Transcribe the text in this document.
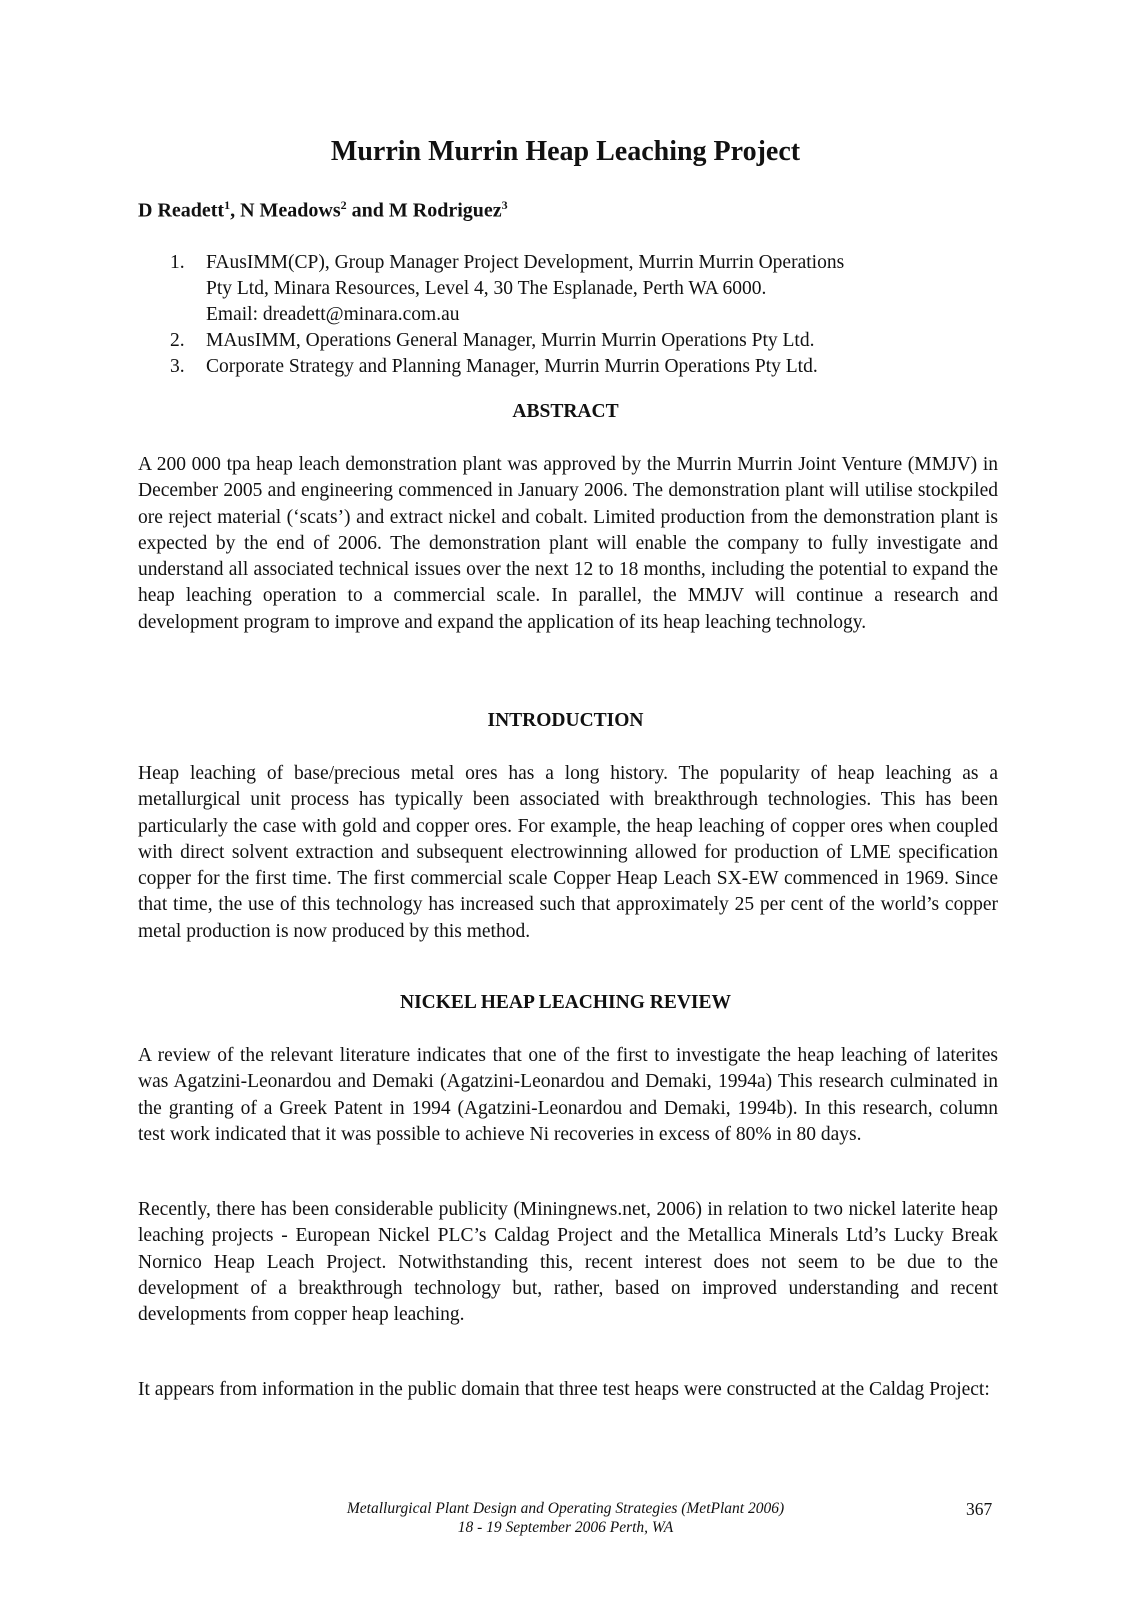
Murrin Murrin Heap Leaching Project

D Readett$^1$, N Meadows$^2$ and M Rodriguez$^3$

1. FAusIMM(CP), Group Manager Project Development, Murrin Murrin Operations
Pty Ltd, Minara Resources, Level 4, 30 The Esplanade, Perth WA 6000.
Email: dreadett@minara.com.au
2. MAusIMM, Operations General Manager, Murrin Murrin Operations Pty Ltd.
3. Corporate Strategy and Planning Manager, Murrin Murrin Operations Pty Ltd.
ABSTRACT

A 200 000 tpa heap leach demonstration plant was approved by the Murrin Murrin Joint Venture (MMJV) in December 2005 and engineering commenced in January 2006. The demonstration plant will utilise stockpiled ore reject material (‘scats’) and extract nickel and cobalt. Limited production from the demonstration plant is expected by the end of 2006. The demonstration plant will enable the company to fully investigate and understand all associated technical issues over the next 12 to 18 months, including the potential to expand the heap leaching operation to a commercial scale. In parallel, the MMJV will continue a research and development program to improve and expand the application of its heap leaching technology.

INTRODUCTION

Heap leaching of base/precious metal ores has a long history. The popularity of heap leaching as a metallurgical unit process has typically been associated with breakthrough technologies. This has been particularly the case with gold and copper ores. For example, the heap leaching of copper ores when coupled with direct solvent extraction and subsequent electrowinning allowed for production of LME specification copper for the first time. The first commercial scale Copper Heap Leach SX-EW commenced in 1969. Since that time, the use of this technology has increased such that approximately 25 per cent of the world’s copper metal production is now produced by this method.

NICKEL HEAP LEACHING REVIEW

A review of the relevant literature indicates that one of the first to investigate the heap leaching of laterites was Agatzini-Leonardou and Demaki (Agatzini-Leonardou and Demaki, 1994a) This research culminated in the granting of a Greek Patent in 1994 (Agatzini-Leonardou and Demaki, 1994b). In this research, column test work indicated that it was possible to achieve Ni recoveries in excess of 80% in 80 days.

Recently, there has been considerable publicity (Miningnews.net, 2006) in relation to two nickel laterite heap leaching projects - European Nickel PLC’s Caldag Project and the Metallica Minerals Ltd’s Lucky Break Nornico Heap Leach Project. Notwithstanding this, recent interest does not seem to be due to the development of a breakthrough technology but, rather, based on improved understanding and recent developments from copper heap leaching.

It appears from information in the public domain that three test heaps were constructed at the Caldag Project:

Metallurgical Plant Design and Operating Strategies (MetPlant 2006)
18 - 19 September 2006 Perth, WA
367
